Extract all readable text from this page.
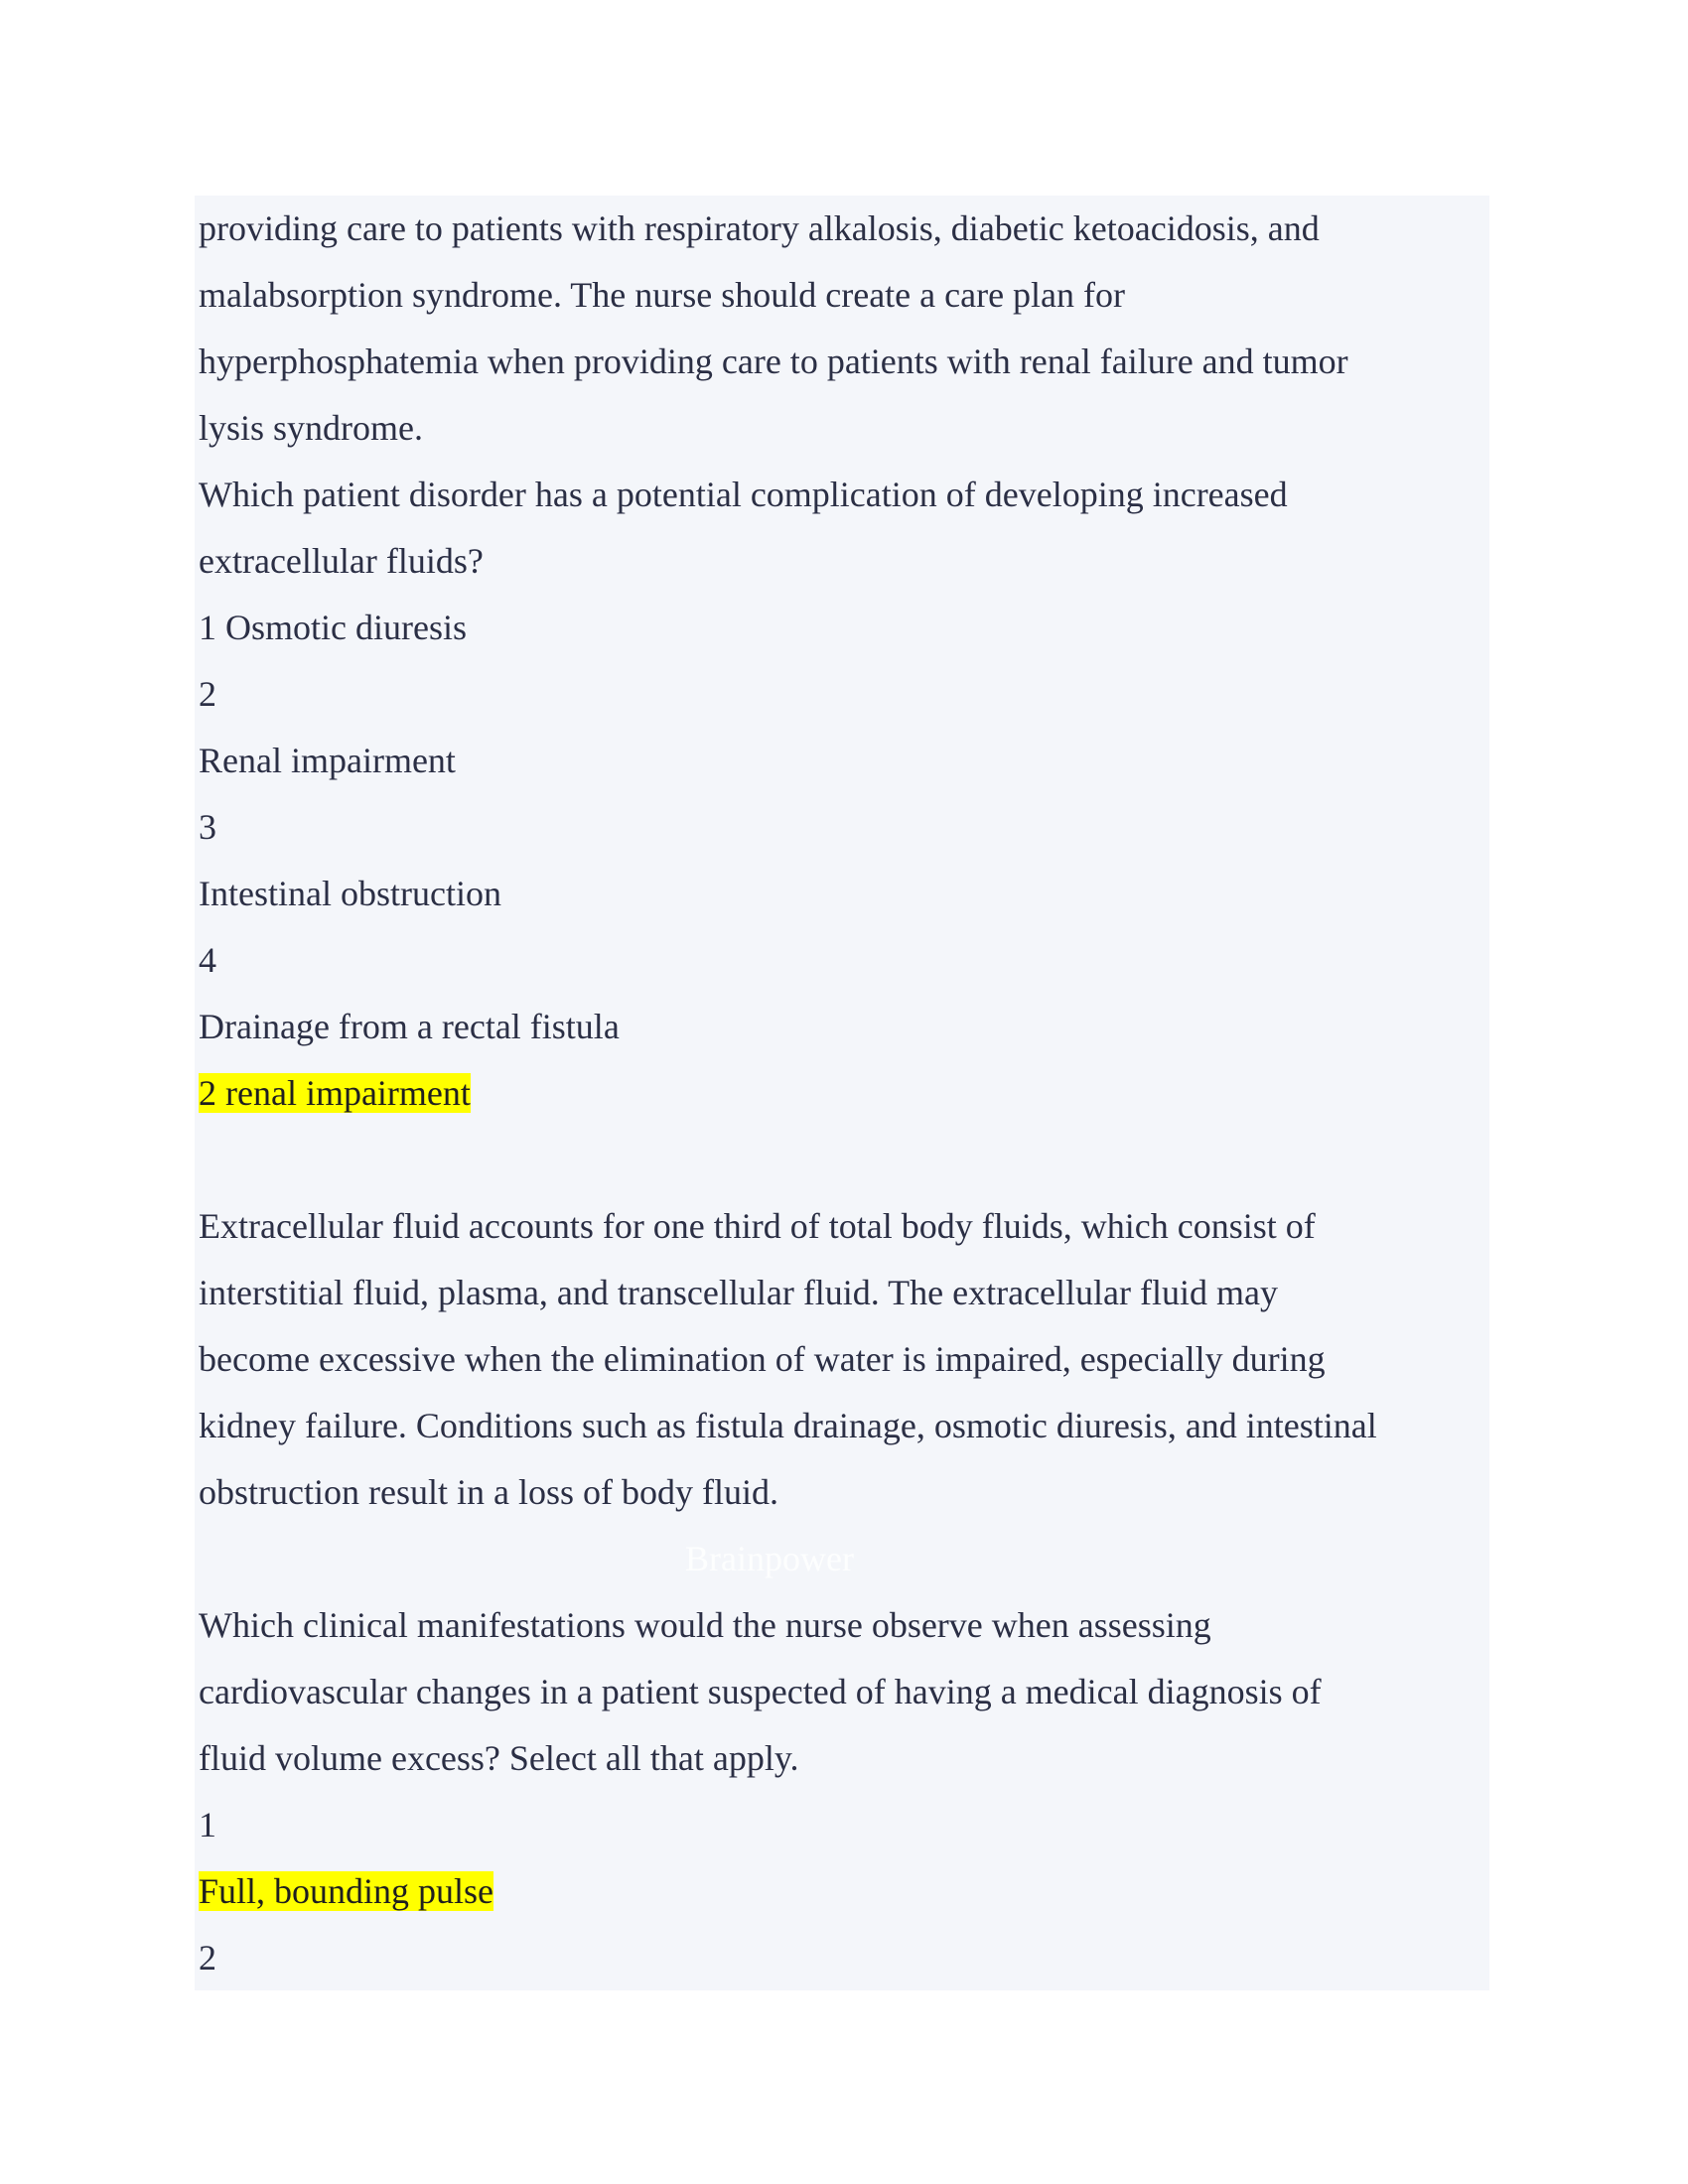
providing care to patients with respiratory alkalosis, diabetic ketoacidosis, and
malabsorption syndrome. The nurse should create a care plan for
hyperphosphatemia when providing care to patients with renal failure and tumor
lysis syndrome.
Which patient disorder has a potential complication of developing increased
extracellular fluids?
1 Osmotic diuresis
2
Renal impairment
3
Intestinal obstruction
4
Drainage from a rectal fistula
2 renal impairment
Extracellular fluid accounts for one third of total body fluids, which consist of
interstitial fluid, plasma, and transcellular fluid. The extracellular fluid may
become excessive when the elimination of water is impaired, especially during
kidney failure. Conditions such as fistula drainage, osmotic diuresis, and intestinal
obstruction result in a loss of body fluid.
Brainpower
Which clinical manifestations would the nurse observe when assessing
cardiovascular changes in a patient suspected of having a medical diagnosis of
fluid volume excess? Select all that apply.
1
Full, bounding pulse
2
